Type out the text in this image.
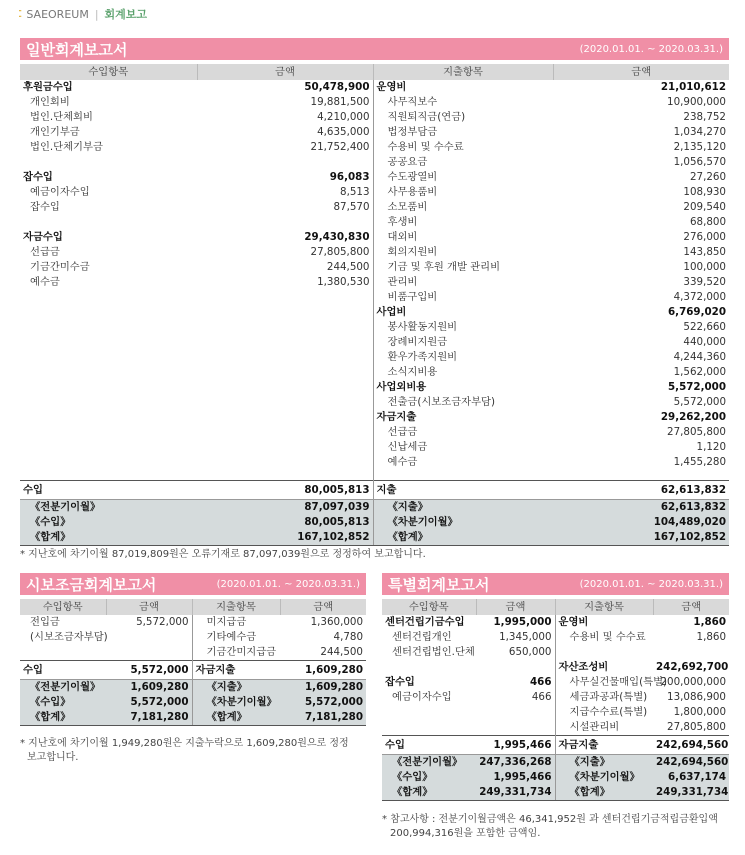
⁚⁚ SAEOREUM | 회계보고
일반회계보고서	(2020.01.01. ~ 2020.03.31.)
수입항목	금액	지출항목	금액
후원금수입	50,478,900	운영비	21,010,612
개인회비	19,881,500	사무직보수	10,900,000
법인.단체회비	4,210,000	직원퇴직금(연금)	238,752
개인기부금	4,635,000	법정부담금	1,034,270
법인.단체기부금	21,752,400	수용비 및 수수료	2,135,120
		공공요금	1,056,570
잡수입	96,083	수도광열비	27,260
예금이자수입	8,513	사무용품비	108,930
잡수입	87,570	소모품비	209,540
		후생비	68,800
자금수입	29,430,830	대외비	276,000
선급금	27,805,800	회의지원비	143,850
기금간미수금	244,500	기금 및 후원 개발 관리비	100,000
예수금	1,380,530	관리비	339,520
		비품구입비	4,372,000
		사업비	6,769,020
		봉사활동지원비	522,660
		장례비지원금	440,000
		환우가족지원비	4,244,360
		소식지비용	1,562,000
		사업외비용	5,572,000
		전출금(시보조금자부담)	5,572,000
		자금지출	29,262,200
		선급금	27,805,800
		신납세금	1,120
		예수금	1,455,280

수입	80,005,813	지출	62,613,832
《전분기이월》	87,097,039	《지출》	62,613,832
《수입》	80,005,813	《차분기이월》	104,489,020
《합계》	167,102,852	《합계》	167,102,852
* 지난호에 차기이월 87,019,809원은 오류기재로 87,097,039원으로 정정하여 보고합니다.
시보조금회계보고서	(2020.01.01. ~ 2020.03.31.)
수입항목	금액	지출항목	금액
전입금	5,572,000	미지급금	1,360,000
(시보조금자부담)		기타예수금	4,780
		기금간미지급금	244,500
수입	5,572,000	자금지출	1,609,280
《전분기이월》	1,609,280	《지출》	1,609,280
《수입》	5,572,000	《차분기이월》	5,572,000
《합계》	7,181,280	《합계》	7,181,280
* 지난호에 차기이월 1,949,280원은 지출누락으로 1,609,280원으로 정정
보고합니다.
특별회계보고서	(2020.01.01. ~ 2020.03.31.)
수입항목	금액	지출항목	금액
센터건립기금수입	1,995,000	운영비	1,860
센터건립개인	1,345,000	수용비 및 수수료	1,860
센터건립법인.단체	650,000		
		자산조성비	242,692,700
잡수입	466	사무실건물매입(특별)	200,000,000
예금이자수입	466	세금과공과(특별)	13,086,900
		지급수수료(특별)	1,800,000
		시설관리비	27,805,800
수입	1,995,466	자금지출	242,694,560
《전분기이월》	247,336,268	《지출》	242,694,560
《수입》	1,995,466	《차분기이월》	6,637,174
《합계》	249,331,734	《합계》	249,331,734
* 참고사항 : 전분기이월금액은 46,341,952원 과 센터건립기금적립금환입액
200,994,316원을 포함한 금액임.
